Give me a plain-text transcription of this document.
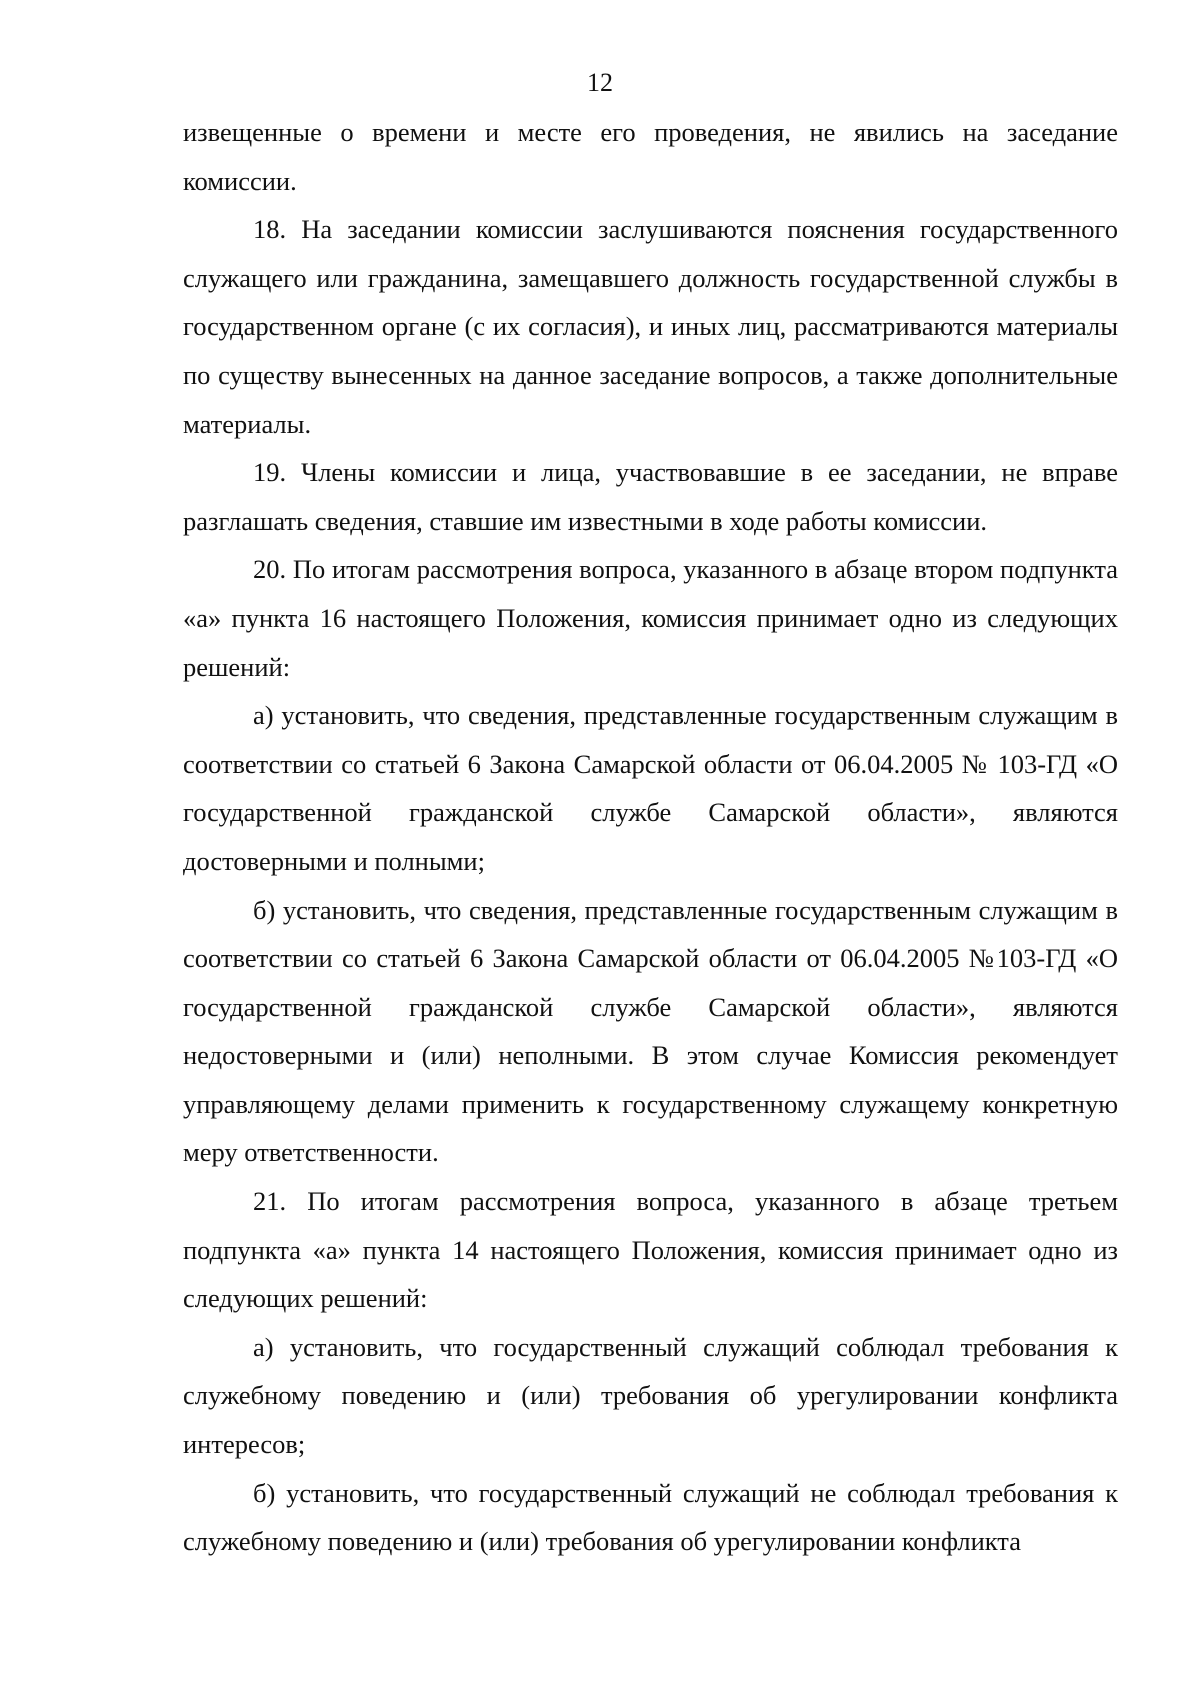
12

извещенные о времени и месте его проведения, не явились на заседание комиссии.

18. На заседании комиссии заслушиваются пояснения государственного служащего или гражданина, замещавшего должность государственной службы в государственном органе (с их согласия), и иных лиц, рассматриваются материалы по существу вынесенных на данное заседание вопросов, а также дополнительные материалы.

19. Члены комиссии и лица, участвовавшие в ее заседании, не вправе разглашать сведения, ставшие им известными в ходе работы комиссии.

20. По итогам рассмотрения вопроса, указанного в абзаце втором подпункта «а» пункта 16 настоящего Положения, комиссия принимает одно из следующих решений:

а) установить, что сведения, представленные государственным служащим в соответствии со статьей 6 Закона Самарской области от 06.04.2005 № 103-ГД «О государственной гражданской службе Самарской области», являются достоверными и полными;

б) установить, что сведения, представленные государственным служащим в соответствии со статьей 6 Закона Самарской области от 06.04.2005 №103-ГД «О государственной гражданской службе Самарской области», являются недостоверными и (или) неполными. В этом случае Комиссия рекомендует управляющему делами применить к государственному служащему конкретную меру ответственности.

21. По итогам рассмотрения вопроса, указанного в абзаце третьем подпункта «а» пункта 14 настоящего Положения, комиссия принимает одно из следующих решений:

а) установить, что государственный служащий соблюдал требования к служебному поведению и (или) требования об урегулировании конфликта интересов;

б) установить, что государственный служащий не соблюдал требования к служебному поведению и (или) требования об урегулировании конфликта
